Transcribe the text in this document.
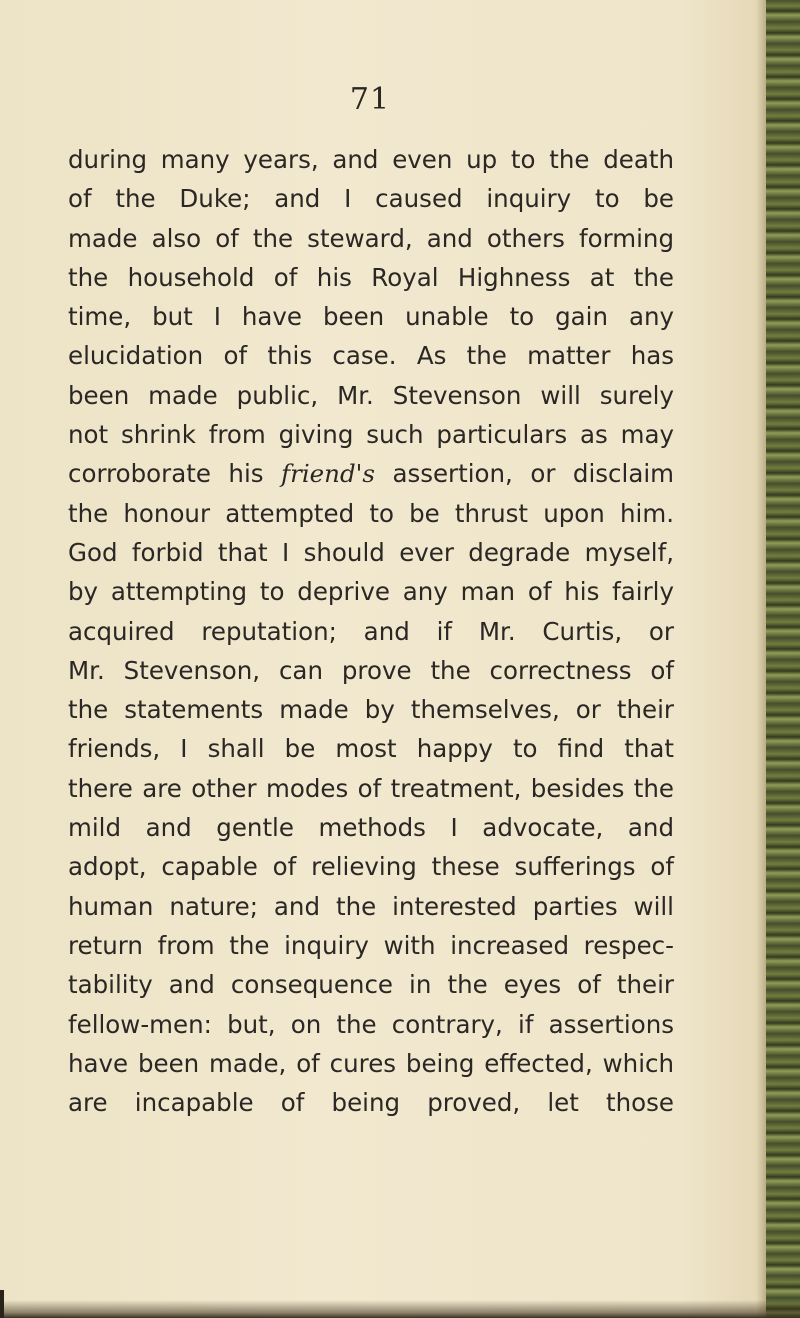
71
during many years, and even up to the death
of the Duke; and I caused inquiry to be
made also of the steward, and others forming
the household of his Royal Highness at the
time, but I have been unable to gain any
elucidation of this case. As the matter has
been made public, Mr. Stevenson will surely
not shrink from giving such particulars as may
corroborate his friend's assertion, or disclaim
the honour attempted to be thrust upon him.
God forbid that I should ever degrade myself,
by attempting to deprive any man of his fairly
acquired reputation; and if Mr. Curtis, or
Mr. Stevenson, can prove the correctness of
the statements made by themselves, or their
friends, I shall be most happy to find that
there are other modes of treatment, besides the
mild and gentle methods I advocate, and
adopt, capable of relieving these sufferings of
human nature; and the interested parties will
return from the inquiry with increased respec-
tability and consequence in the eyes of their
fellow-men: but, on the contrary, if assertions
have been made, of cures being effected, which
are incapable of being proved, let those
